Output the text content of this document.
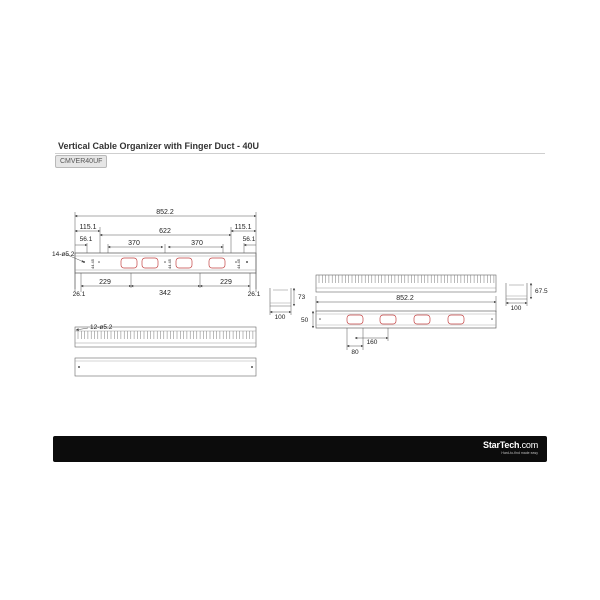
Vertical Cable Organizer with Finger Duct - 40U
CMVER40UF
852.2
115.1	115.1
622
56.1	56.1
370	370
14-ø5.2
44.45	44.45	44.45
26.1	26.1
229
342
229
12-ø5.2
100
73	852.2
50
80
160
100
67.5
StarTech.com
Hard-to-find made easy
